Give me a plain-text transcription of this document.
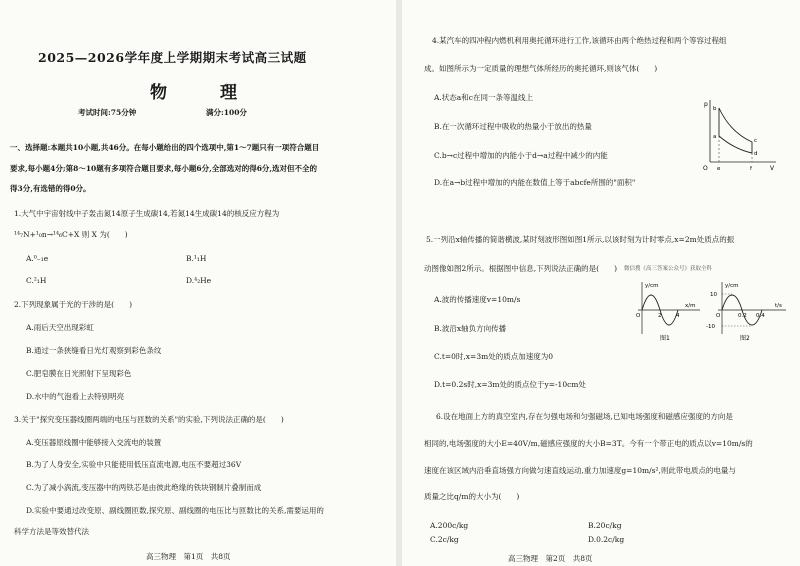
2025—2026学年度上学期期末考试高三试题
物　理
考试时间:75分钟	满分:100分
一、选择题:本题共10小题,共46分。在每小题给出的四个选项中,第1～7题只有一项符合题目
要求,每小题4分;第8～10题有多项符合题目要求,每小题6分,全部选对的得6分,选对但不全的
得3分,有选错的得0分。
1.大气中宇宙射线中子轰击氮14原子生成碳14,若氮14生成碳14的核反应方程为
¹⁴₇N+¹₀n→¹⁴₆C+X 则 X 为(　　)
A.⁰₋₁e	B.¹₁H
C.²₁H	D.⁴₂He
2.下列现象属于光的干涉的是(　　)
A.雨后天空出现彩虹
B.通过一条狭缝看日光灯观察到彩色条纹
C.肥皂膜在日光照射下呈现彩色
D.水中的气泡看上去特别明亮
3.关于"探究变压器线圈两端的电压与匝数的关系"的实验,下列说法正确的是(　　)
A.变压器原线圈中能够接入交流电的装置
B.为了人身安全,实验中只能使用低压直流电源,电压不要超过36V
C.为了减小涡流,变压器中的两铁芯是由彼此绝缘的铁块钢制片叠制而成
D.实验中要通过改变原、副线圈匝数,探究原、副线圈的电压比与匝数比的关系,需要运用的
科学方法是等效替代法
高三物理　第1页　共8页
4.某汽车的四冲程内燃机利用奥托循环进行工作,该循环由两个绝热过程和两个等容过程组
成。如图所示为一定质量的理想气体所经历的奥托循环,则该气体(　　)
A.状态a和c在同一条等温线上
B.在一次循环过程中吸收的热量小于放出的热量
C.b→c过程中增加的内能小于d→a过程中减少的内能
D.在a→b过程中增加的内能在数值上等于abcfe所围的"面积"
p
V
O
a
b
c
d
e	f
5.一列沿x轴传播的简谐横波,某时刻波形图如图1所示,以该时刻为计时零点,x=2m处质点的振
动图像如图2所示。根据图中信息,下列说法正确的是(　　) 微信搜《高三答案公众号》获取全科
A.波的传播速度v=10m/s
B.波沿x轴负方向传播
C.t=0时,x=3m处的质点加速度为0
D.t=0.2s时,x=3m处的质点位于y=-10cm处
y/cm
x/m
O	2	4
图1
y/cm
t/s
O
10
-10
0.2 0.4
图2
6.设在地面上方的真空室内,存在匀强电场和匀强磁场,已知电场强度和磁感应强度的方向是
相同的,电场强度的大小E=40V/m,磁感应强度的大小B=3T。今有一个带正电的质点以v=10m/s的
速度在该区域内沿垂直场强方向做匀速直线运动,重力加速度g=10m/s²,则此带电质点的电量与
质量之比q/m的大小为(　　)
A.200c/kg	B.20c/kg
C.2c/kg	D.0.2c/kg
高三物理　第2页　共8页
